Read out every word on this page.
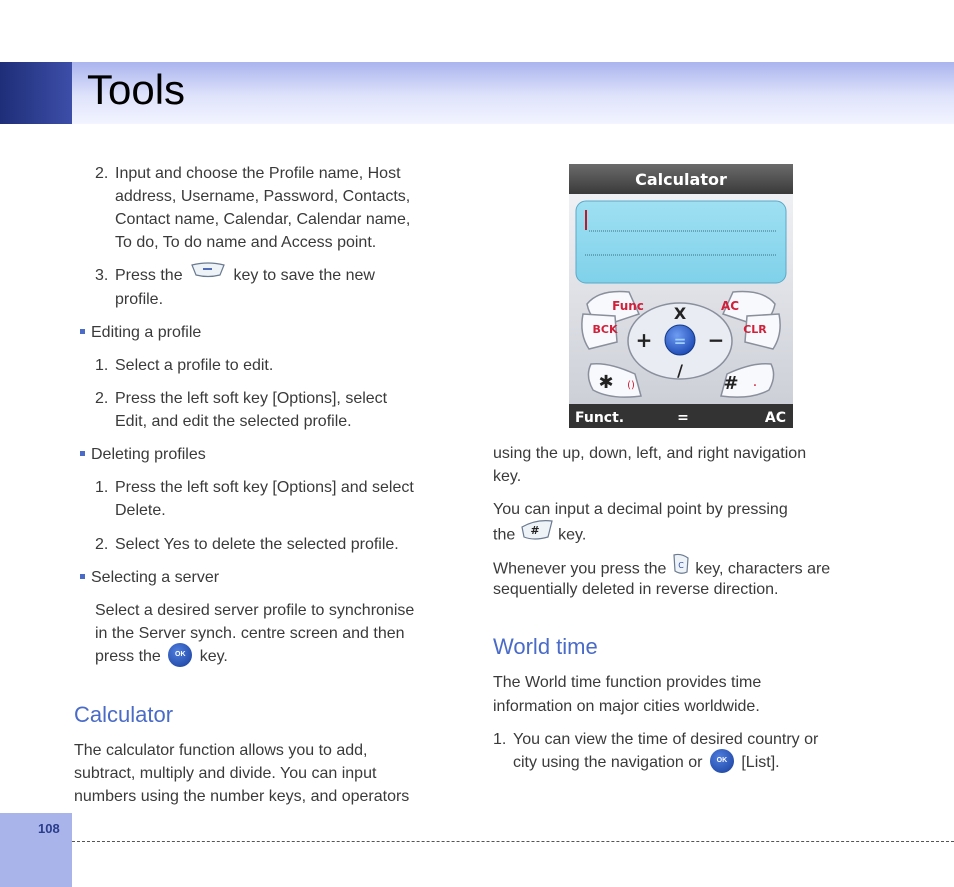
Tools
2. Input and choose the Profile name, Host
address, Username, Password, Contacts,
Contact name, Calendar, Calendar name,
To do, To do name and Access point.
3. Press the	key to save the new
profile.
Editing a profile
1. Select a profile to edit.
2. Press the left soft key [Options], select
Edit, and edit the selected profile.
Deleting profiles
1. Press the left soft key [Options] and select
Delete.
2. Select Yes to delete the selected profile.
Selecting a server
Select a desired server profile to synchronise
in the Server synch. centre screen and then
press the OK key.
Calculator
The calculator function allows you to add,
subtract, multiply and divide. You can input
numbers using the number keys, and operators
Calculator
Func	AC
BCK	CLR
X
+	−
/
=
✱ ()	# .
Funct.	=	AC
using the up, down, left, and right navigation
key.
You can input a decimal point by pressing
the # key.
Whenever you press the C key, characters are
sequentially deleted in reverse direction.
World time
The World time function provides time
information on major cities worldwide.
1. You can view the time of desired country or
city using the navigation or OK [List].
108
